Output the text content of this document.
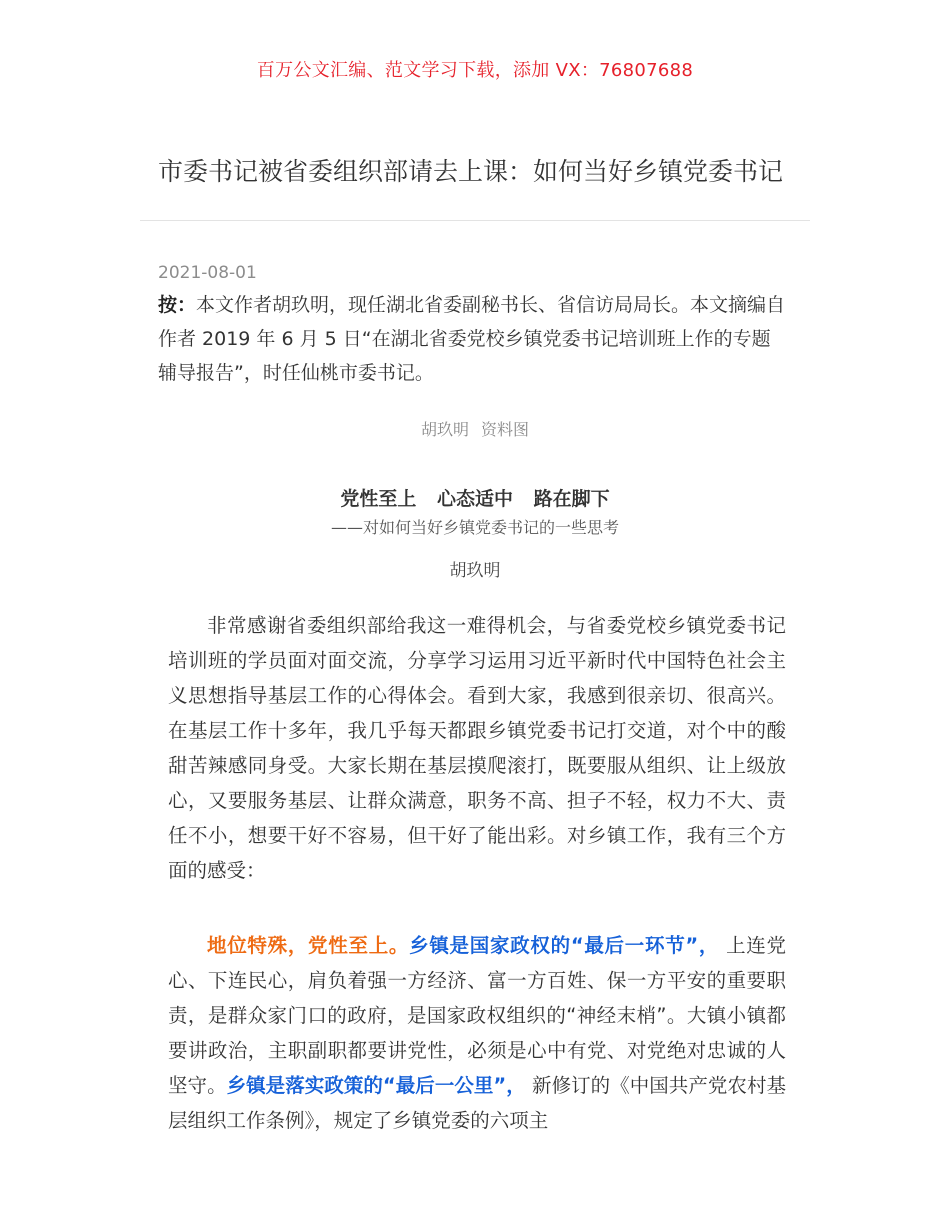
百万公文汇编、范文学习下载，添加 VX：76807688
市委书记被省委组织部请去上课：如何当好乡镇党委书记
2021-08-01
按：本文作者胡玖明，现任湖北省委副秘书长、省信访局局长。本文摘编自作者 2019 年 6 月 5 日“在湖北省委党校乡镇党委书记培训班上作的专题辅导报告”，时任仙桃市委书记。
胡玖明 资料图
党性至上 心态适中 路在脚下
——对如何当好乡镇党委书记的一些思考
胡玖明

非常感谢省委组织部给我这一难得机会，与省委党校乡镇党委书记培训班的学员面对面交流，分享学习运用习近平新时代中国特色社会主义思想指导基层工作的心得体会。看到大家，我感到很亲切、很高兴。在基层工作十多年，我几乎每天都跟乡镇党委书记打交道，对个中的酸甜苦辣感同身受。大家长期在基层摸爬滚打，既要服从组织、让上级放心，又要服务基层、让群众满意，职务不高、担子不轻，权力不大、责任不小，想要干好不容易，但干好了能出彩。对乡镇工作，我有三个方面的感受：

地位特殊，党性至上。乡镇是国家政权的“最后一环节”， 上连党心、下连民心，肩负着强一方经济、富一方百姓、保一方平安的重要职责，是群众家门口的政府，是国家政权组织的“神经末梢”。大镇小镇都要讲政治，主职副职都要讲党性，必须是心中有党、对党绝对忠诚的人坚守。乡镇是落实政策的“最后一公里”， 新修订的《中国共产党农村基层组织工作条例》，规定了乡镇党委的六项主
